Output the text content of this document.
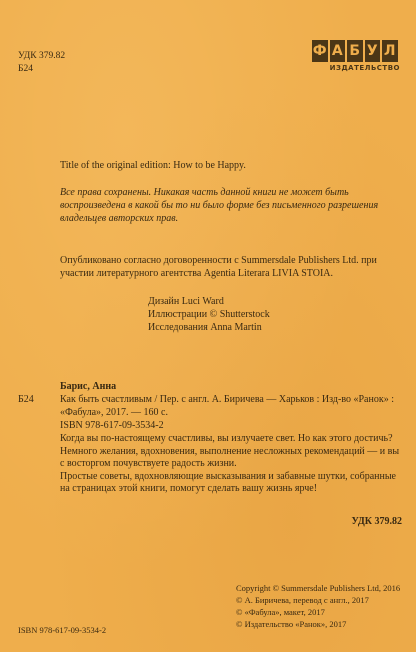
УДК 379.82
Б24
Ф А Б У Л
ИЗДАТЕЛЬСТВО
Title of the original edition: How to be Happy.
Все права сохранены. Никакая часть данной книги не может быть воспроизведена в какой бы то ни было форме без письменного разрешения владельцев авторских прав.
Опубликовано согласно договоренности с Summersdale Publishers Ltd. при участии литературного агентства Agentia Literara LIVIA STOIA.
Дизайн Luci Ward
Иллюстрации © Shutterstock
Исследования Anna Martin
Барис, Анна
Б24	Как быть счастливым / Пер. с англ. А. Биричева — Харьков : Изд-во «Ранок» : «Фабула», 2017. — 160 с.
ISBN 978-617-09-3534-2

Когда вы по-настоящему счастливы, вы излучаете свет. Но как этого достичь? Немного желания, вдохновения, выполнение несложных рекомендаций — и вы с восторгом почувствуете радость жизни.

Простые советы, вдохновляющие высказывания и забавные шутки, собранные на страницах этой книги, помогут сделать вашу жизнь ярче!

УДК 379.82
Copyright © Summersdale Publishers Ltd, 2016
© А. Биричева, перевод с англ., 2017
© «Фабула», макет, 2017
© Издательство «Ранок», 2017
ISBN 978-617-09-3534-2
